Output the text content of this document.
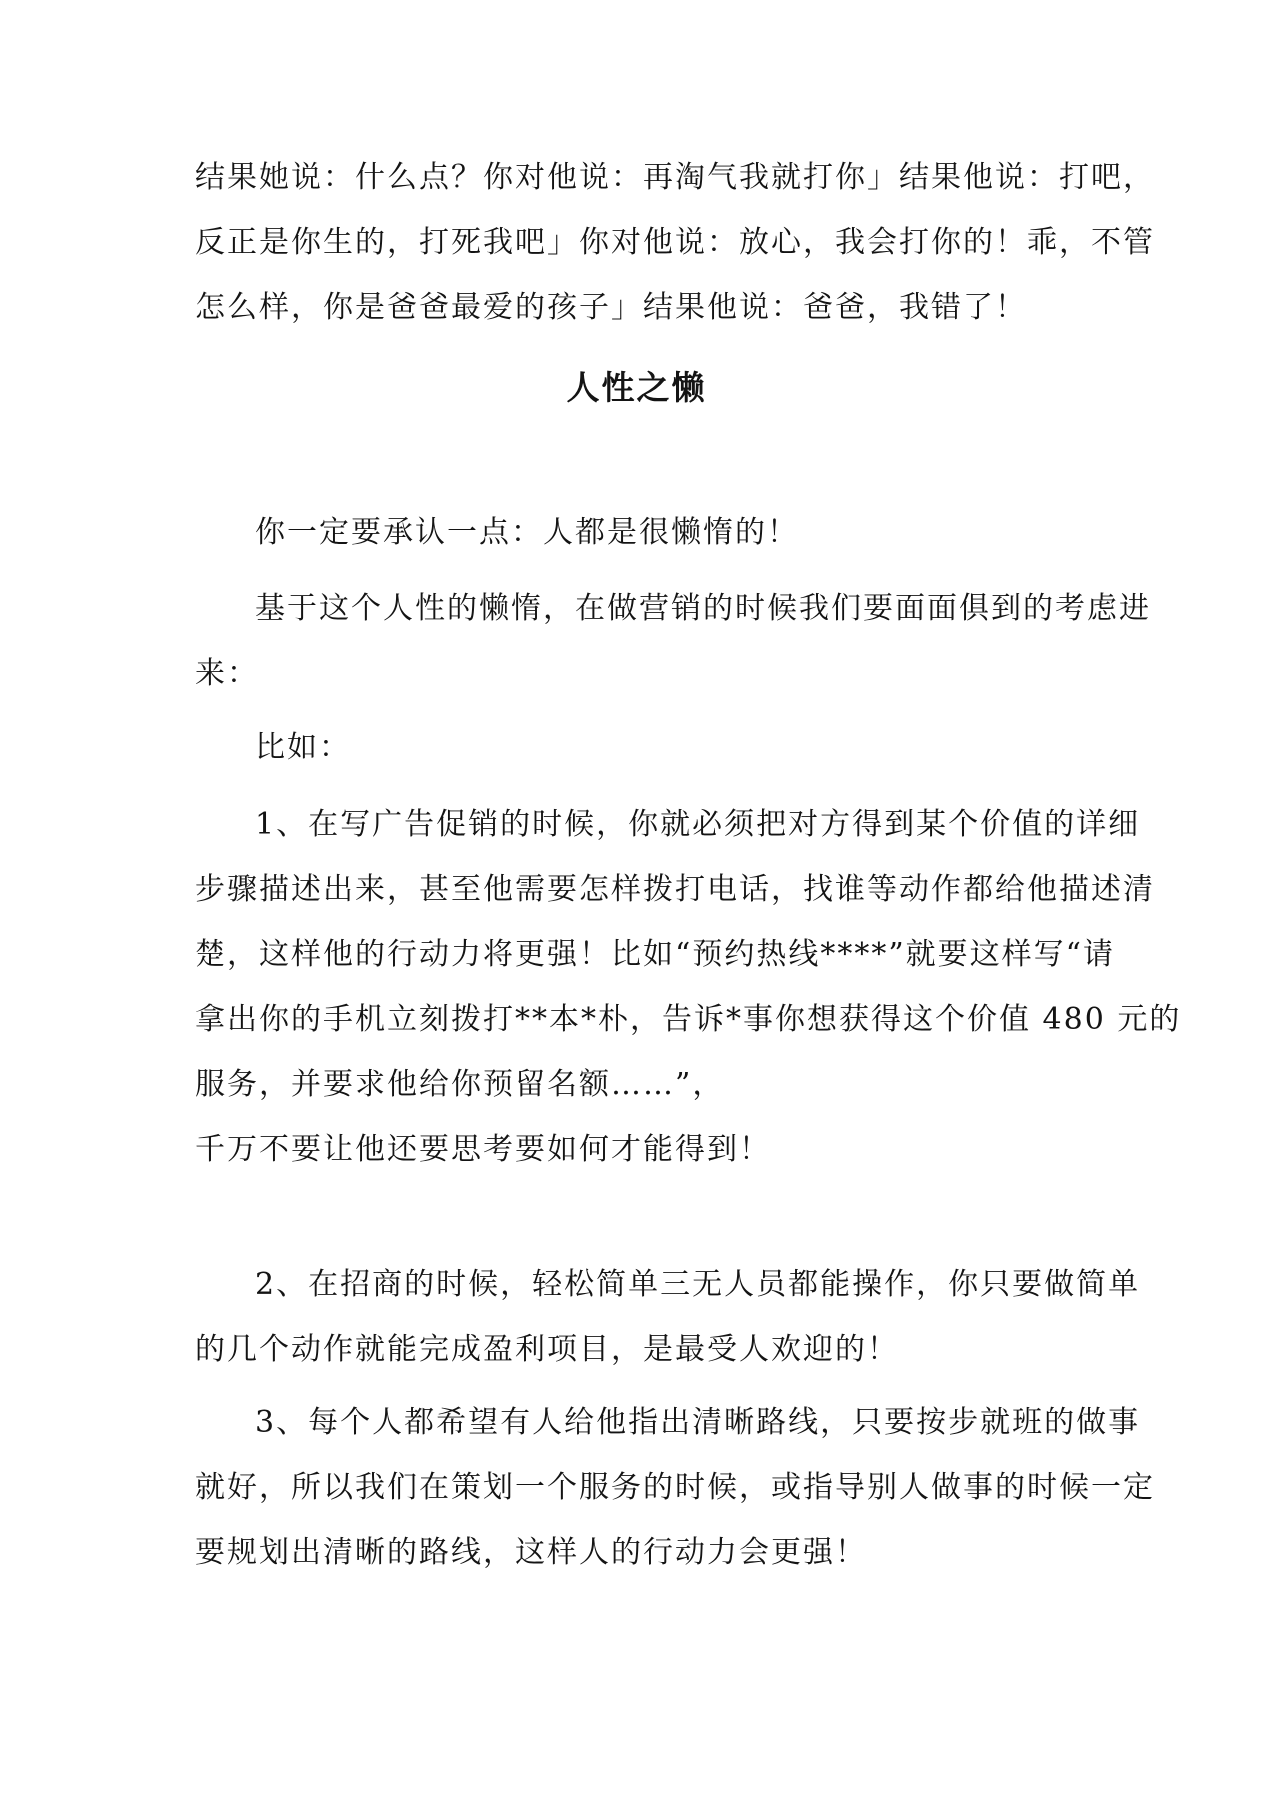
结果她说：什么点？你对他说：再淘气我就打你」结果他说：打吧，
反正是你生的，打死我吧」你对他说：放心，我会打你的！乖，不管
怎么样，你是爸爸最爱的孩子」结果他说：爸爸，我错了！
人性之懒
你一定要承认一点：人都是很懒惰的！
基于这个人性的懒惰，在做营销的时候我们要面面俱到的考虑进
来：
比如：
1、在写广告促销的时候，你就必须把对方得到某个价值的详细
步骤描述出来，甚至他需要怎样拨打电话，找谁等动作都给他描述清
楚，这样他的行动力将更强！比如“预约热线****”就要这样写“请
拿出你的手机立刻拨打**本*朴，告诉*事你想获得这个价值 480 元的
服务，并要求他给你预留名额……”，
千万不要让他还要思考要如何才能得到！
2、在招商的时候，轻松简单三无人员都能操作，你只要做简单
的几个动作就能完成盈利项目，是最受人欢迎的！
3、每个人都希望有人给他指出清晰路线，只要按步就班的做事
就好，所以我们在策划一个服务的时候，或指导别人做事的时候一定
要规划出清晰的路线，这样人的行动力会更强！
